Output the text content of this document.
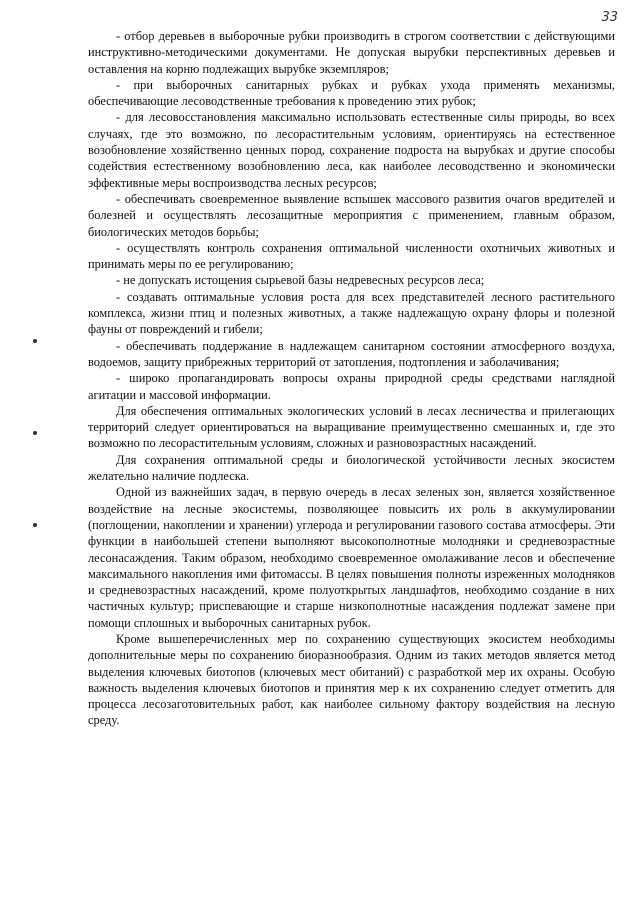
33

- отбор деревьев в выборочные рубки производить в строгом соответствии с действующими инструктивно-методическими документами. Не допуская вырубки перспективных деревьев и оставления на корню подлежащих вырубке экземпляров;

- при выборочных санитарных рубках и рубках ухода применять механизмы, обеспечивающие лесоводственные требования к проведению этих рубок;

- для лесовосстановления максимально использовать естественные силы природы, во всех случаях, где это возможно, по лесорастительным условиям, ориентируясь на естественное возобновление хозяйственно ценных пород, сохранение подроста на вырубках и другие способы содействия естественному возобновлению леса, как наиболее лесоводственно и экономически эффективные меры воспроизводства лесных ресурсов;

- обеспечивать своевременное выявление вспышек массового развития очагов вредителей и болезней и осуществлять лесозащитные мероприятия с применением, главным образом, биологических методов борьбы;

- осуществлять контроль сохранения оптимальной численности охотничьих животных и принимать меры по ее регулированию;

- не допускать истощения сырьевой базы недревесных ресурсов леса;

- создавать оптимальные условия роста для всех представителей лесного растительного комплекса, жизни птиц и полезных животных, а также надлежащую охрану флоры и полезной фауны от повреждений и гибели;

- обеспечивать поддержание в надлежащем санитарном состоянии атмосферного воздуха, водоемов, защиту прибрежных территорий от затопления, подтопления и заболачивания;

- широко пропагандировать вопросы охраны природной среды средствами наглядной агитации и массовой информации.

Для обеспечения оптимальных экологических условий в лесах лесничества и прилегающих территорий следует ориентироваться на выращивание преимущественно смешанных и, где это возможно по лесорастительным условиям, сложных и разновозрастных насаждений.

Для сохранения оптимальной среды и биологической устойчивости лесных экосистем желательно наличие подлеска.

Одной из важнейших задач, в первую очередь в лесах зеленых зон, является хозяйственное воздействие на лесные экосистемы, позволяющее повысить их роль в аккумулировании (поглощении, накоплении и хранении) углерода и регулировании газового состава атмосферы. Эти функции в наибольшей степени выполняют высокополнотные молодняки и средневозрастные лесонасаждения. Таким образом, необходимо своевременное омолаживание лесов и обеспечение максимального накопления ими фитомассы. В целях повышения полноты изреженных молодняков и средневозрастных насаждений, кроме полуоткрытых ландшафтов, необходимо создание в них частичных культур; приспевающие и старше низкополнотные насаждения подлежат замене при помощи сплошных и выборочных санитарных рубок.

Кроме вышеперечисленных мер по сохранению существующих экосистем необходимы дополнительные меры по сохранению биоразнообразия. Одним из таких методов является метод выделения ключевых биотопов (ключевых мест обитаний) с разработкой мер их охраны. Особую важность выделения ключевых биотопов и принятия мер к их сохранению следует отметить для процесса лесозаготовительных работ, как наиболее сильному фактору воздействия на лесную среду.
